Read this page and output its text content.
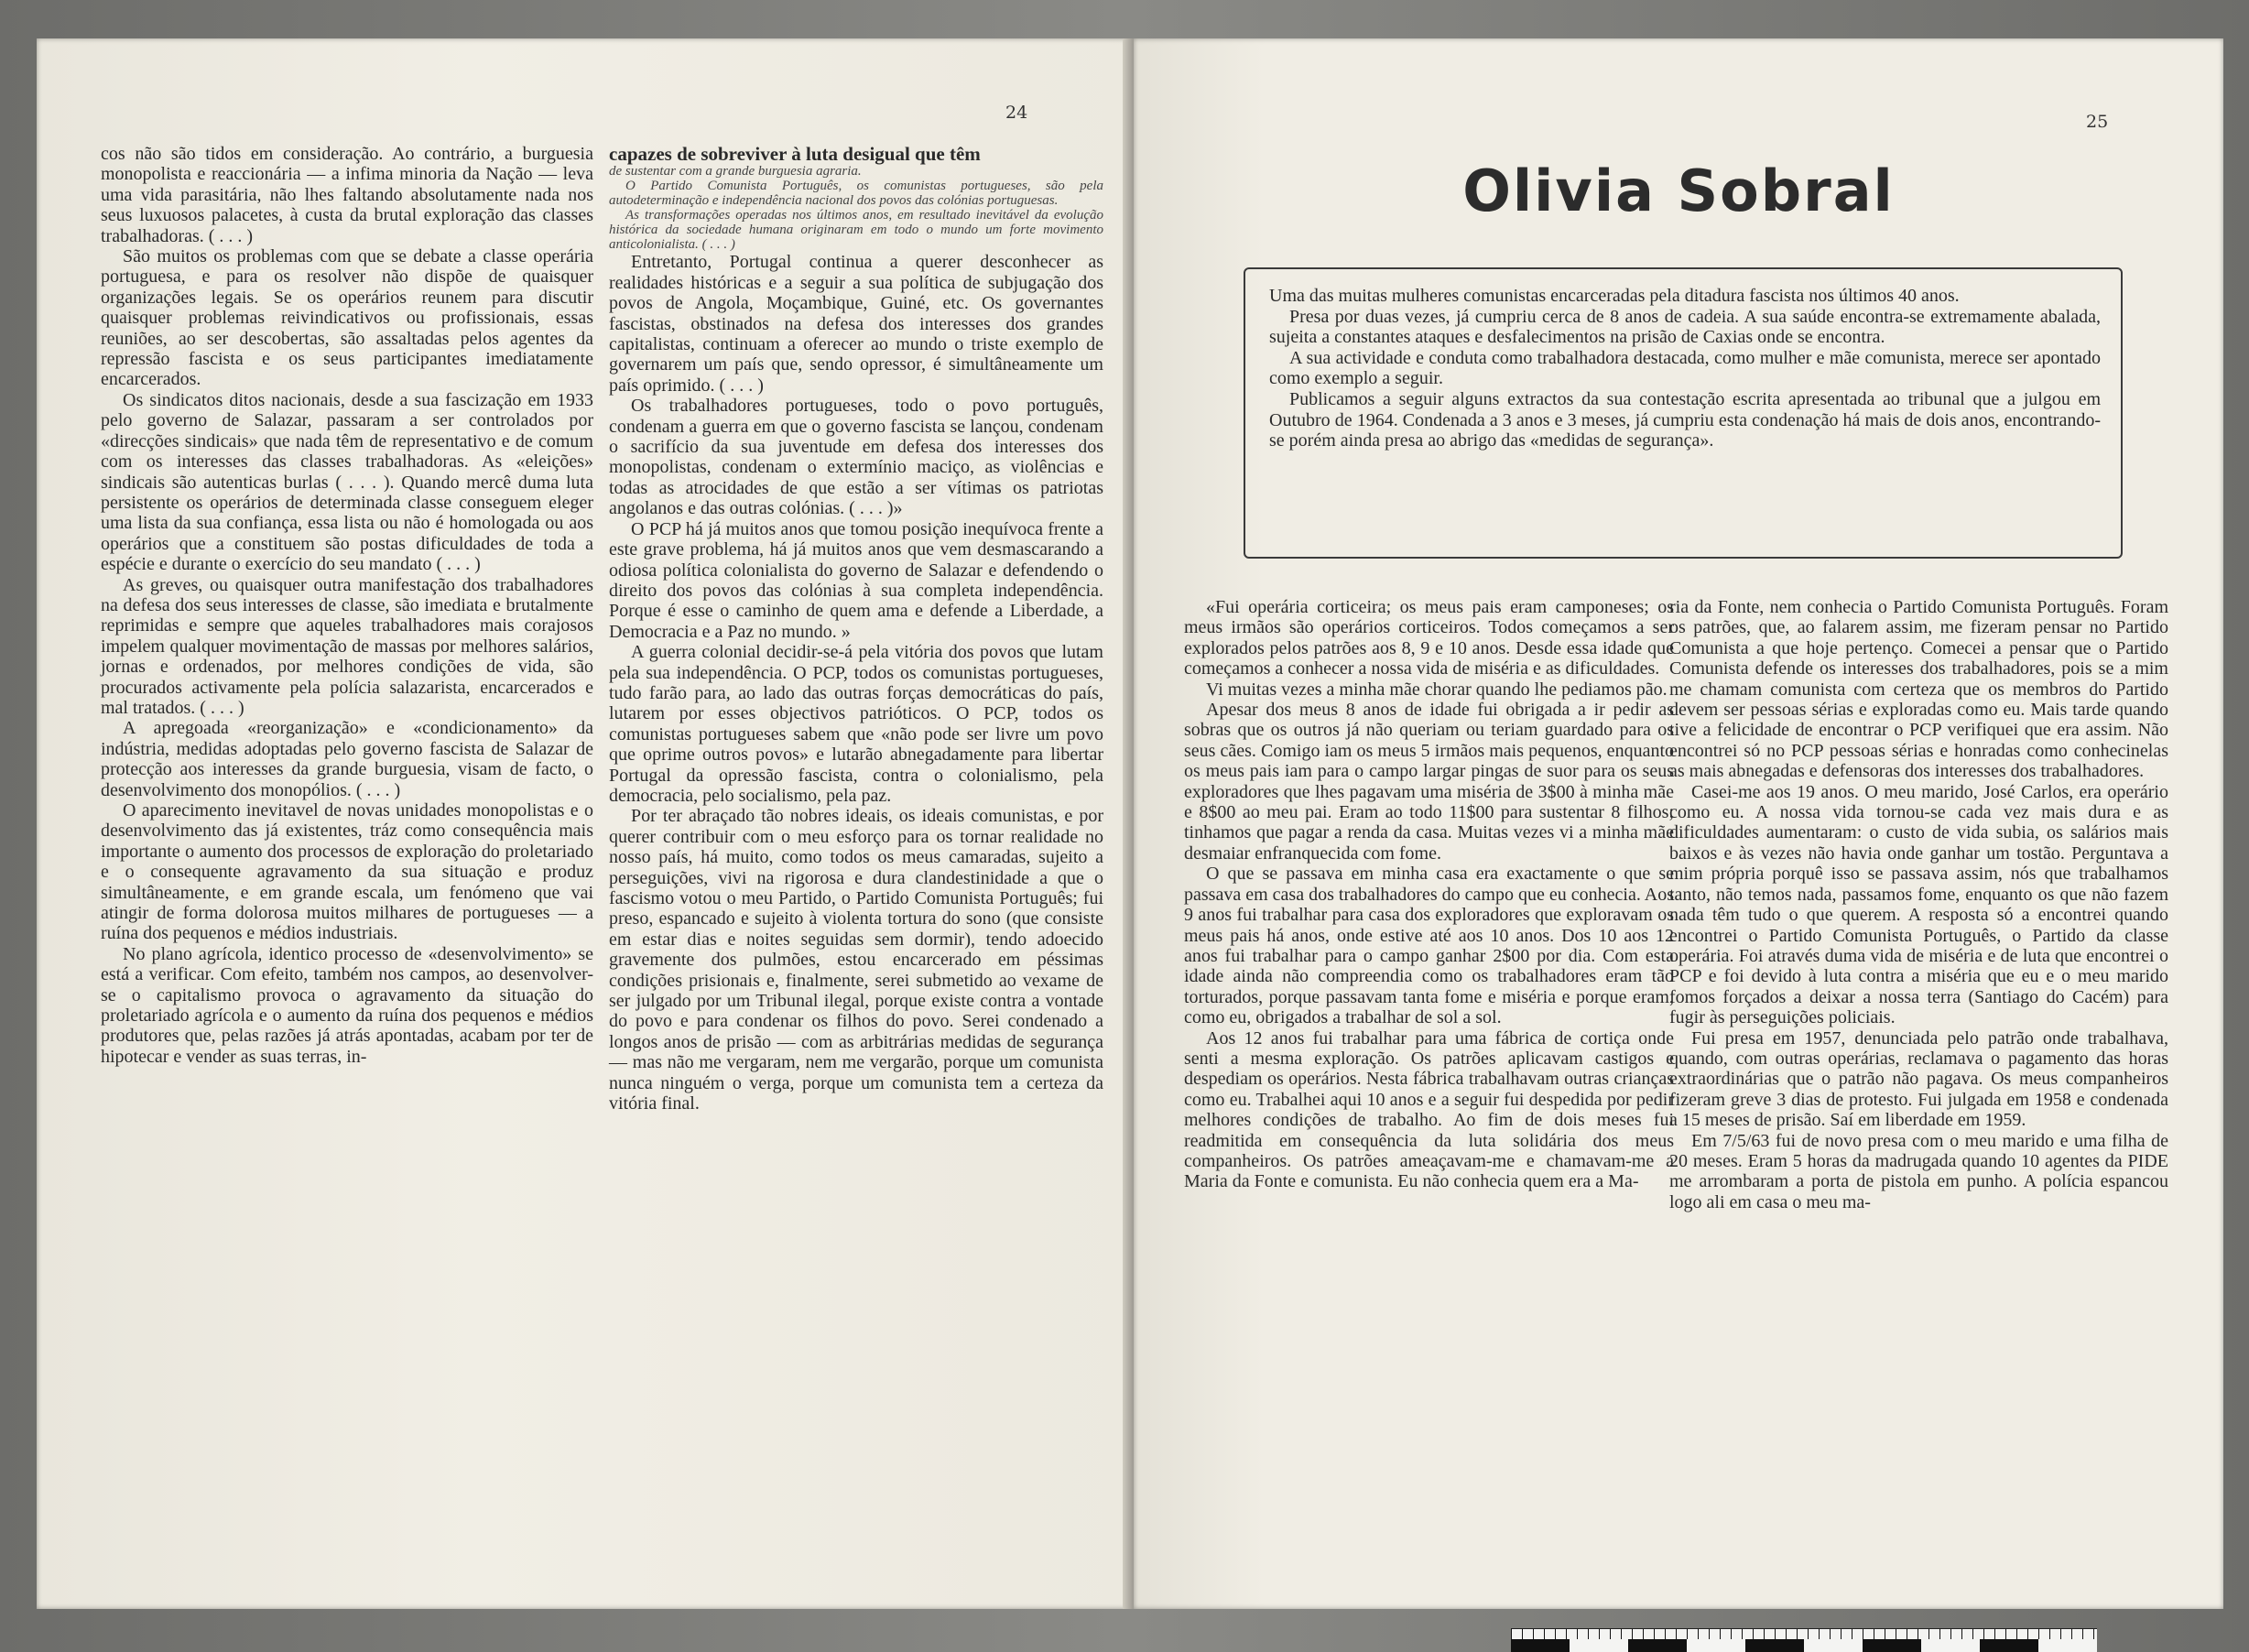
24

cos não são tidos em consideração. Ao contrário, a burguesia monopolista e reaccionária — a infima minoria da Nação — leva uma vida parasitária, não lhes faltando absolutamente nada nos seus luxuosos palacetes, à custa da brutal exploração das classes trabalhadoras. ( . . . )

São muitos os problemas com que se debate a classe operária portuguesa, e para os resolver não dispõe de quaisquer organizações legais. Se os operários reunem para discutir quaisquer problemas reivindicativos ou profissionais, essas reuniões, ao ser descobertas, são assaltadas pelos agentes da repressão fascista e os seus participantes imediatamente encarcerados.

Os sindicatos ditos nacionais, desde a sua fascização em 1933 pelo governo de Salazar, passaram a ser controlados por «direcções sindicais» que nada têm de representativo e de comum com os interesses das classes trabalhadoras. As «eleições» sindicais são autenticas burlas ( . . . ). Quando mercê duma luta persistente os operários de determinada classe conseguem eleger uma lista da sua confiança, essa lista ou não é homologada ou aos operários que a constituem são postas dificuldades de toda a espécie e durante o exercício do seu mandato ( . . . )

As greves, ou quaisquer outra manifestação dos trabalhadores na defesa dos seus interesses de classe, são imediata e brutalmente reprimidas e sempre que aqueles trabalhadores mais corajosos impelem qualquer movimentação de massas por melhores salários, jornas e ordenados, por melhores condições de vida, são procurados activamente pela polícia salazarista, encarcerados e mal tratados. ( . . . )

A apregoada «reorganização» e «condicionamento» da indústria, medidas adoptadas pelo governo fascista de Salazar de protecção aos interesses da grande burguesia, visam de facto, o desenvolvimento dos monopólios. ( . . . )

O aparecimento inevitavel de novas unidades monopolistas e o desenvolvimento das já existentes, tráz como consequência mais importante o aumento dos processos de exploração do proletariado e o consequente agravamento da sua situação e produz simultâneamente, e em grande escala, um fenómeno que vai atingir de forma dolorosa muitos milhares de portugueses — a ruína dos pequenos e médios industriais.

No plano agrícola, identico processo de «desenvolvimento» se está a verificar. Com efeito, também nos campos, ao desenvolver-se o capitalismo provoca o agravamento da situação do proletariado agrícola e o aumento da ruína dos pequenos e médios produtores que, pelas razões já atrás apontadas, acabam por ter de hipotecar e vender as suas terras, in-

capazes de sobreviver à luta desigual que têm

de sustentar com a grande burguesia agraria.

O Partido Comunista Português, os comunistas portugueses, são pela autodeterminação e independência nacional dos povos das colónias portuguesas.

As transformações operadas nos últimos anos, em resultado inevitável da evolução histórica da sociedade humana originaram em todo o mundo um forte movimento anticolonialista. ( . . . )

Entretanto, Portugal continua a querer desconhecer as realidades históricas e a seguir a sua política de subjugação dos povos de Angola, Moçambique, Guiné, etc. Os governantes fascistas, obstinados na defesa dos interesses dos grandes capitalistas, continuam a oferecer ao mundo o triste exemplo de governarem um país que, sendo opressor, é simultâneamente um país oprimido. ( . . . )

Os trabalhadores portugueses, todo o povo português, condenam a guerra em que o governo fascista se lançou, condenam o sacrifício da sua juventude em defesa dos interesses dos monopolistas, condenam o extermínio maciço, as violências e todas as atrocidades de que estão a ser vítimas os patriotas angolanos e das outras colónias. ( . . . )»

O PCP há já muitos anos que tomou posição inequívoca frente a este grave problema, há já muitos anos que vem desmascarando a odiosa política colonialista do governo de Salazar e defendendo o direito dos povos das colónias à sua completa independência. Porque é esse o caminho de quem ama e defende a Liberdade, a Democracia e a Paz no mundo. »

A guerra colonial decidir-se-á pela vitória dos povos que lutam pela sua independência. O PCP, todos os comunistas portugueses, tudo farão para, ao lado das outras forças democráticas do país, lutarem por esses objectivos patrióticos. O PCP, todos os comunistas portugueses sabem que «não pode ser livre um povo que oprime outros povos» e lutarão abnegadamente para libertar Portugal da opressão fascista, contra o colonialismo, pela democracia, pelo socialismo, pela paz.

Por ter abraçado tão nobres ideais, os ideais comunistas, e por querer contribuir com o meu esforço para os tornar realidade no nosso país, há muito, como todos os meus camaradas, sujeito a perseguições, vivi na rigorosa e dura clandestinidade a que o fascismo votou o meu Partido, o Partido Comunista Português; fui preso, espancado e sujeito à violenta tortura do sono (que consiste em estar dias e noites seguidas sem dormir), tendo adoecido gravemente dos pulmões, estou encarcerado em péssimas condições prisionais e, finalmente, serei submetido ao vexame de ser julgado por um Tribunal ilegal, porque existe contra a vontade do povo e para condenar os filhos do povo. Serei condenado a longos anos de prisão — com as arbitrárias medidas de segurança — mas não me vergaram, nem me vergarão, porque um comunista nunca ninguém o verga, porque um comunista tem a certeza da vitória final.

25
Olivia Sobral

Uma das muitas mulheres comunistas encarceradas pela ditadura fascista nos últimos 40 anos.

Presa por duas vezes, já cumpriu cerca de 8 anos de cadeia. A sua saúde encontra-se extremamente abalada, sujeita a constantes ataques e desfalecimentos na prisão de Caxias onde se encontra.

A sua actividade e conduta como trabalhadora destacada, como mulher e mãe comunista, merece ser apontado como exemplo a seguir.

Publicamos a seguir alguns extractos da sua contestação escrita apresentada ao tribunal que a julgou em Outubro de 1964. Condenada a 3 anos e 3 meses, já cumpriu esta condenação há mais de dois anos, encontrando-se porém ainda presa ao abrigo das «medidas de segurança».

«Fui operária corticeira; os meus pais eram camponeses; os meus irmãos são operários corticeiros. Todos começamos a ser explorados pelos patrões aos 8, 9 e 10 anos. Desde essa idade que começamos a conhecer a nossa vida de miséria e as dificuldades.

Vi muitas vezes a minha mãe chorar quando lhe pediamos pão.

Apesar dos meus 8 anos de idade fui obrigada a ir pedir as sobras que os outros já não queriam ou teriam guardado para os seus cães. Comigo iam os meus 5 irmãos mais pequenos, enquanto os meus pais iam para o campo largar pingas de suor para os seus exploradores que lhes pagavam uma miséria de 3$00 à minha mãe e 8$00 ao meu pai. Eram ao todo 11$00 para sustentar 8 filhos; tinhamos que pagar a renda da casa. Muitas vezes vi a minha mãe desmaiar enfranquecida com fome.

O que se passava em minha casa era exactamente o que se passava em casa dos trabalhadores do campo que eu conhecia. Aos 9 anos fui trabalhar para casa dos exploradores que exploravam os meus pais há anos, onde estive até aos 10 anos. Dos 10 aos 12 anos fui trabalhar para o campo ganhar 2$00 por dia. Com esta idade ainda não compreendia como os trabalhadores eram tão torturados, porque passavam tanta fome e miséria e porque eram, como eu, obrigados a trabalhar de sol a sol.

Aos 12 anos fui trabalhar para uma fábrica de cortiça onde senti a mesma exploração. Os patrões aplicavam castigos e despediam os operários. Nesta fábrica trabalhavam outras crianças como eu. Trabalhei aqui 10 anos e a seguir fui despedida por pedir melhores condições de trabalho. Ao fim de dois meses fui readmitida em consequência da luta solidária dos meus companheiros. Os patrões ameaçavam-me e chamavam-me a Maria da Fonte e comunista. Eu não conhecia quem era a Ma-

ria da Fonte, nem conhecia o Partido Comunista Português. Foram os patrões, que, ao falarem assim, me fizeram pensar no Partido Comunista a que hoje pertenço. Comecei a pensar que o Partido Comunista defende os interesses dos trabalhadores, pois se a mim me chamam comunista com certeza que os membros do Partido devem ser pessoas sérias e exploradas como eu. Mais tarde quando tive a felicidade de encontrar o PCP verifiquei que era assim. Não encontrei só no PCP pessoas sérias e honradas como conhecinelas as mais abnegadas e defensoras dos interesses dos trabalhadores.

Casei-me aos 19 anos. O meu marido, José Carlos, era operário como eu. A nossa vida tornou-se cada vez mais dura e as dificuldades aumentaram: o custo de vida subia, os salários mais baixos e às vezes não havia onde ganhar um tostão. Perguntava a mim própria porquê isso se passava assim, nós que trabalhamos tanto, não temos nada, passamos fome, enquanto os que não fazem nada têm tudo o que querem. A resposta só a encontrei quando encontrei o Partido Comunista Português, o Partido da classe operária. Foi através duma vida de miséria e de luta que encontrei o PCP e foi devido à luta contra a miséria que eu e o meu marido fomos forçados a deixar a nossa terra (Santiago do Cacém) para fugir às perseguições policiais.

Fui presa em 1957, denunciada pelo patrão onde trabalhava, quando, com outras operárias, reclamava o pagamento das horas extraordinárias que o patrão não pagava. Os meus companheiros fizeram greve 3 dias de protesto. Fui julgada em 1958 e condenada a 15 meses de prisão. Saí em liberdade em 1959.

Em 7/5/63 fui de novo presa com o meu marido e uma filha de 20 meses. Eram 5 horas da madrugada quando 10 agentes da PIDE me arrombaram a porta de pistola em punho. A polícia espancou logo ali em casa o meu ma-
